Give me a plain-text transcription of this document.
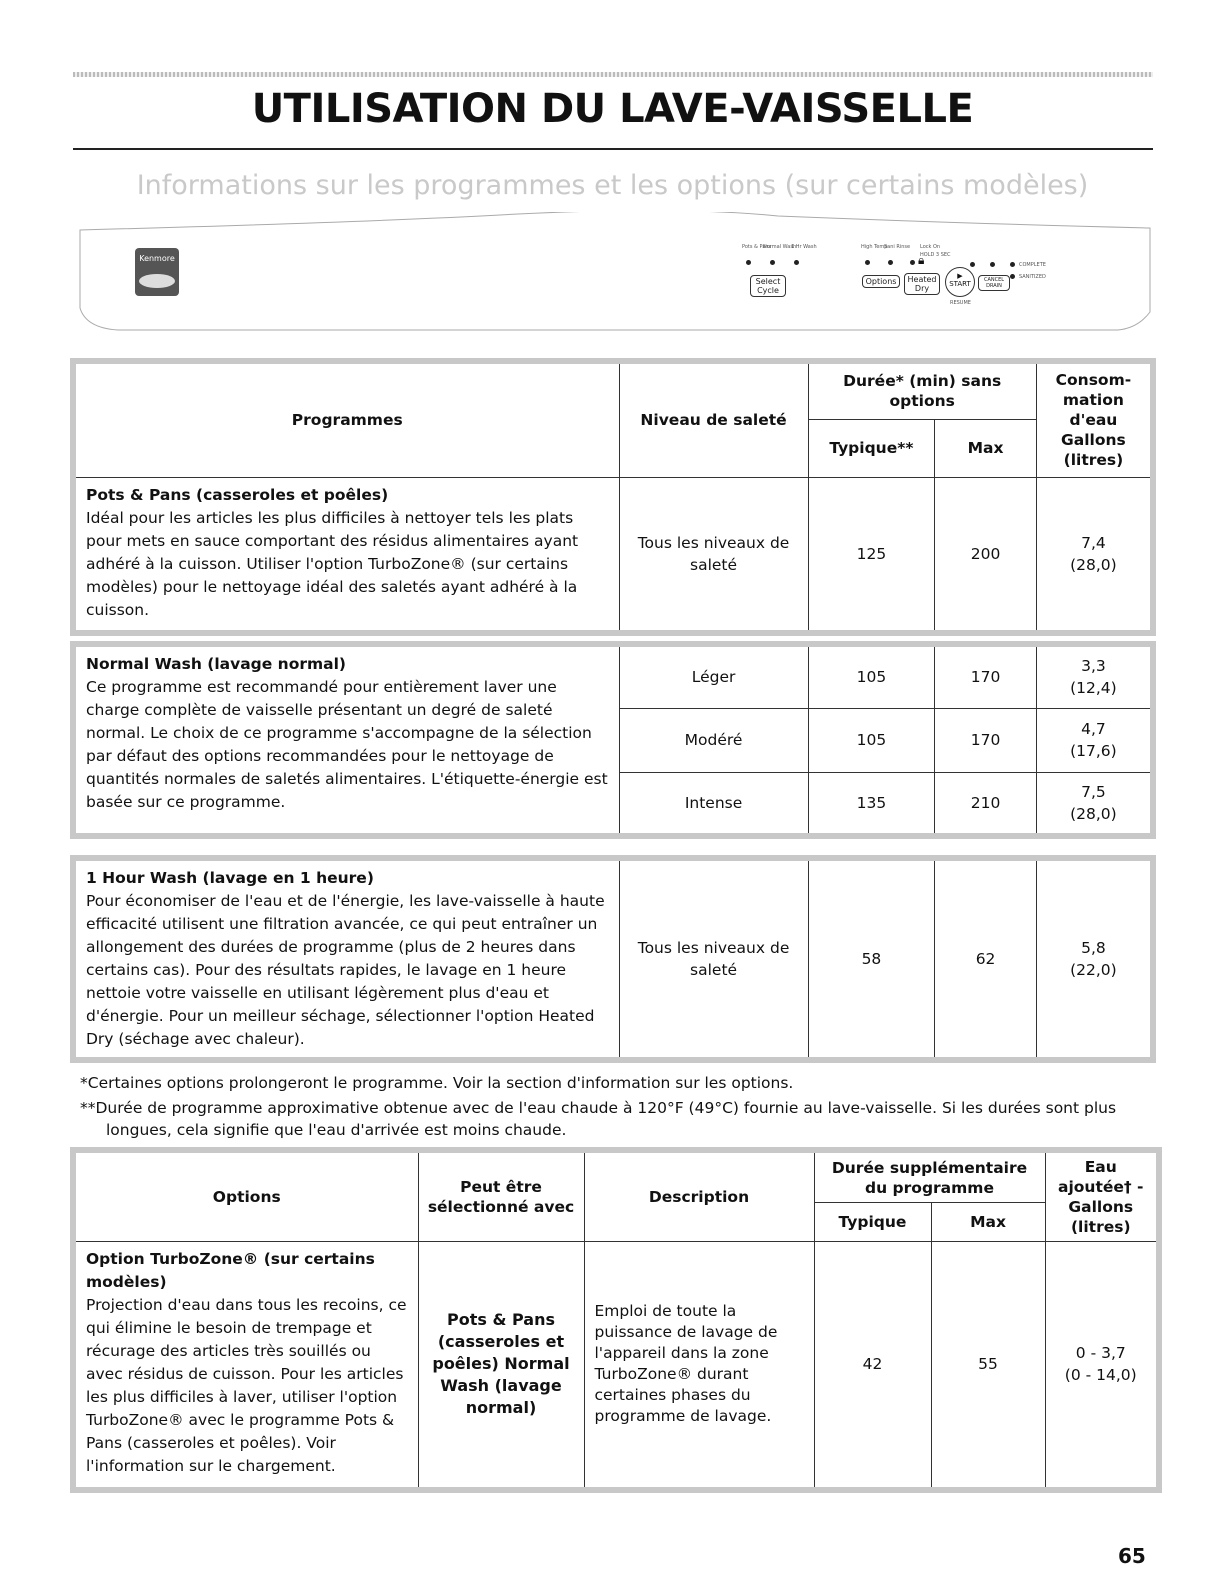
UTILISATION DU LAVE-VAISSELLE
Informations sur les programmes et les options (sur certains modèles)
Kenmore
Pots & Pans
Normal Wash
1 Hr Wash
Select Cycle
High Temp
Sani Rinse Lock On
HOLD 3 SEC
🔒︎
Options	Heated Dry
▶
START
RESUME
CANCEL DRAIN
COMPLETE
SANITIZED
Programmes	Niveau de saleté	Durée* (min) sans options		Consom-mation d'eau Gallons (litres)
		Typique**	Max	

Pots & Pans (casseroles et poêles)
Idéal pour les articles les plus difficiles à nettoyer tels les plats pour mets en sauce comportant des résidus alimentaires ayant adhéré à la cuisson. Utiliser l'option TurboZone® (sur certains modèles) pour le nettoyage idéal des saletés ayant adhéré à la cuisson.	Tous les niveaux de saleté	125	200	7,4
(28,0)
Normal Wash (lavage normal)
Ce programme est recommandé pour entièrement laver une charge complète de vaisselle présentant un degré de saleté normal. Le choix de ce programme s'accompagne de la sélection par défaut des options recommandées pour le nettoyage de quantités normales de saletés alimentaires. L'étiquette-énergie est basée sur ce programme.	Léger	105	170	3,3
(12,4)
	Modéré	105	170	4,7
(17,6)
	Intense	135	210	7,5
(28,0)
1 Hour Wash (lavage en 1 heure)
Pour économiser de l'eau et de l'énergie, les lave-vaisselle à haute efficacité utilisent une filtration avancée, ce qui peut entraîner un allongement des durées de programme (plus de 2 heures dans certains cas). Pour des résultats rapides, le lavage en 1 heure nettoie votre vaisselle en utilisant légèrement plus d'eau et d'énergie. Pour un meilleur séchage, sélectionner l'option Heated Dry (séchage avec chaleur).	Tous les niveaux de saleté	58	62	5,8
(22,0)
*Certaines options prolongeront le programme. Voir la section d'information sur les options.
**Durée de programme approximative obtenue avec de l'eau chaude à 120°F (49°C) fournie au lave-vaisselle. Si les durées sont plus longues, cela signifie que l'eau d'arrivée est moins chaude.
Options	Peut être sélectionné avec	Description	Durée supplémentaire du programme		Eau ajoutée† - Gallons (litres)
			Typique	Max	

Option TurboZone® (sur certains modèles)
Projection d'eau dans tous les recoins, ce qui élimine le besoin de trempage et récurage des articles très souillés ou avec résidus de cuisson. Pour les articles les plus difficiles à laver, utiliser l'option TurboZone® avec le programme Pots & Pans (casseroles et poêles). Voir l'information sur le chargement.	Pots & Pans (casseroles et poêles) Normal Wash (lavage normal)	Emploi de toute la puissance de lavage de l'appareil dans la zone TurboZone® durant certaines phases du programme de lavage.	42	55	0 - 3,7
(0 - 14,0)
65
